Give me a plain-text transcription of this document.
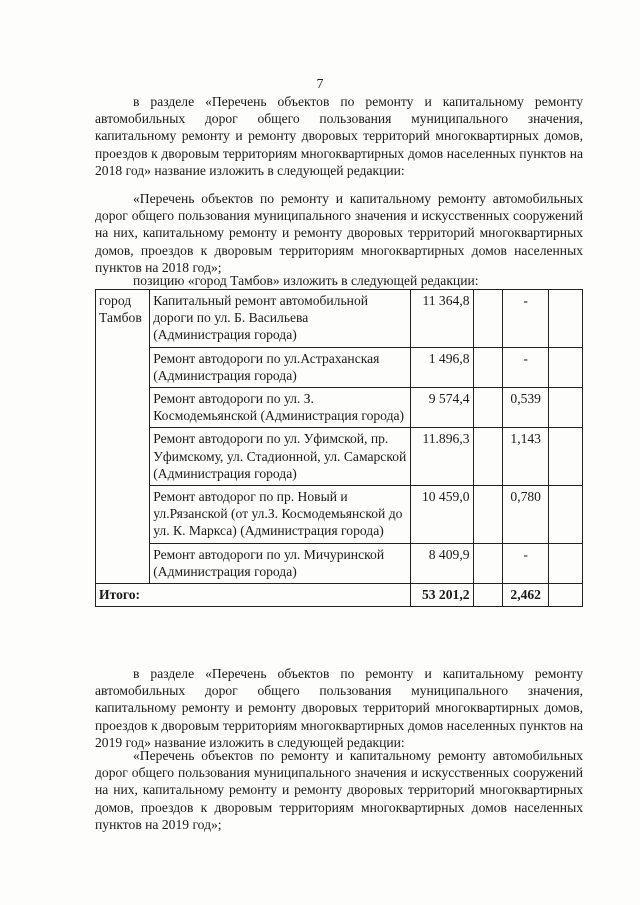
7

в разделе «Перечень объектов по ремонту и капитальному ремонту автомобильных дорог общего пользования муниципального значения, капитальному ремонту и ремонту дворовых территорий многоквартирных домов, проездов к дворовым территориям многоквартирных домов населенных пунктов на 2018 год» название изложить в следующей редакции:

«Перечень объектов по ремонту и капитальному ремонту автомобильных дорог общего пользования муниципального значения и искусственных сооружений на них, капитальному ремонту и ремонту дворовых территорий многоквартирных домов, проездов к дворовым территориям многоквартирных домов населенных пунктов на 2018 год»;

позицию «город Тамбов» изложить в следующей редакции:

город Тамбов	Капитальный ремонт автомобильной дороги по ул. Б. Васильева (Администрация города)	11 364,8		-	
	Ремонт автодороги по ул.Астраханская (Администрация города)	1 496,8		-	
	Ремонт автодороги по ул. З. Космодемьянской (Администрация города)	9 574,4		0,539	
	Ремонт автодороги по ул. Уфимской, пр. Уфимскому, ул. Стадионной, ул. Самарской (Администрация города)	11.896,3		1,143	
	Ремонт автодорог по пр. Новый и ул.Рязанской (от ул.З. Космодемьянской до ул. К. Маркса) (Администрация города)	10 459,0		0,780	
	Ремонт автодороги по ул. Мичуринской (Администрация города)	8 409,9		-	
Итого:		53 201,2		2,462	

в разделе «Перечень объектов по ремонту и капитальному ремонту автомобильных дорог общего пользования муниципального значения, капитальному ремонту и ремонту дворовых территорий многоквартирных домов, проездов к дворовым территориям многоквартирных домов населенных пунктов на 2019 год» название изложить в следующей редакции:

«Перечень объектов по ремонту и капитальному ремонту автомобильных дорог общего пользования муниципального значения и искусственных сооружений на них, капитальному ремонту и ремонту дворовых территорий многоквартирных домов, проездов к дворовым территориям многоквартирных домов населенных пунктов на 2019 год»;
